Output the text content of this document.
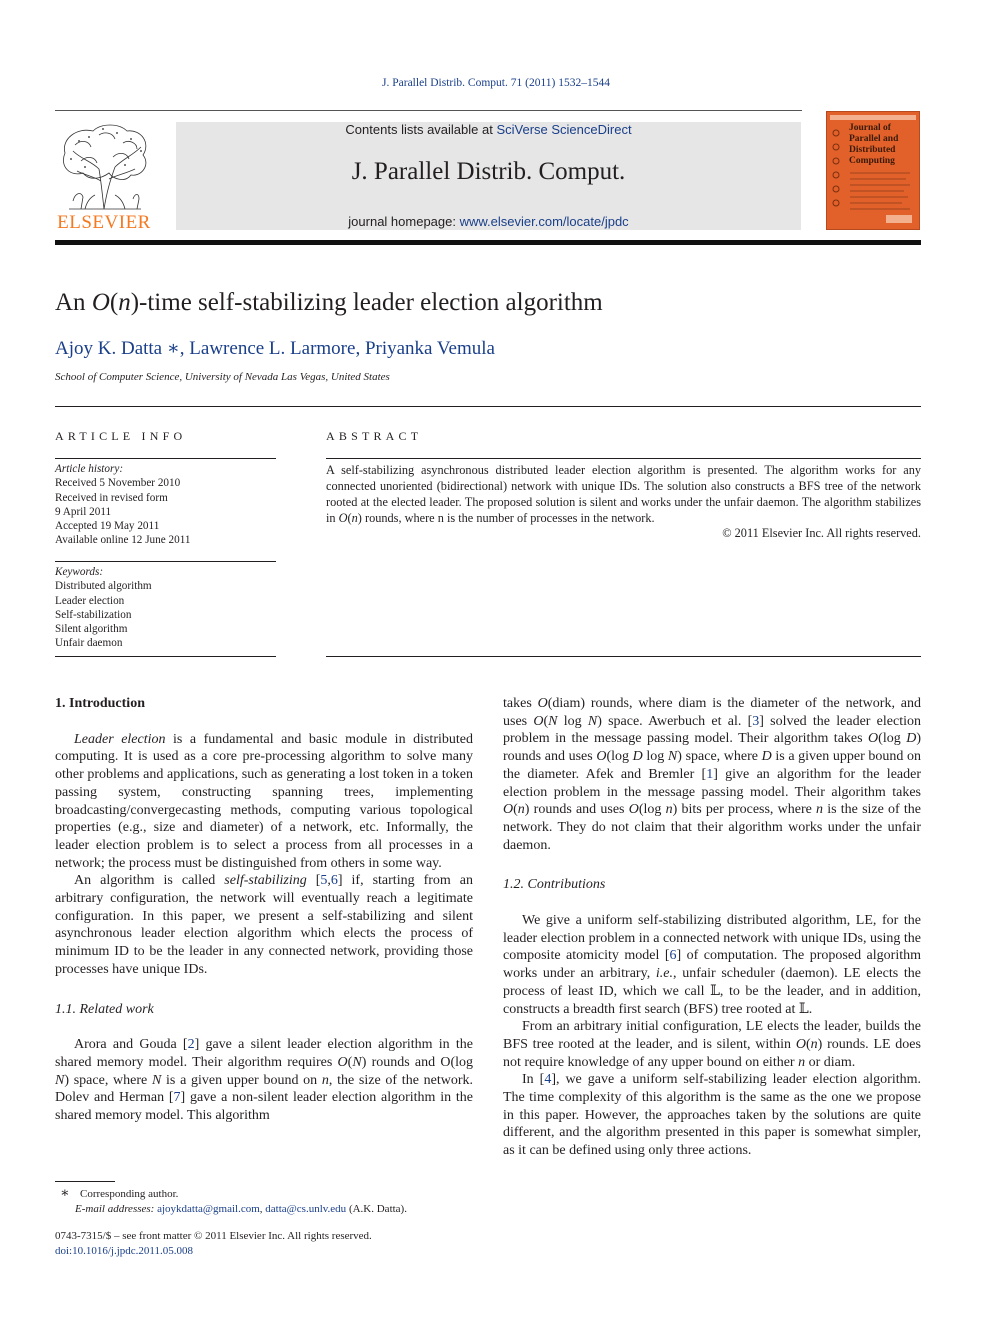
J. Parallel Distrib. Comput. 71 (2011) 1532–1544
ELSEVIER
Contents lists available at SciVerse ScienceDirect
J. Parallel Distrib. Comput.
journal homepage: www.elsevier.com/locate/jpdc
Journal of Parallel and Distributed Computing
An O(n)-time self-stabilizing leader election algorithm
Ajoy K. Datta ∗, Lawrence L. Larmore, Priyanka Vemula
School of Computer Science, University of Nevada Las Vegas, United States
ARTICLE INFO
Article history:
Received 5 November 2010
Received in revised form
9 April 2011
Accepted 19 May 2011
Available online 12 June 2011
Keywords:
Distributed algorithm
Leader election
Self-stabilization
Silent algorithm
Unfair daemon
ABSTRACT
A self-stabilizing asynchronous distributed leader election algorithm is presented. The algorithm works for any connected unoriented (bidirectional) network with unique IDs. The solution also constructs a BFS tree of the network rooted at the elected leader. The proposed solution is silent and works under the unfair daemon. The algorithm stabilizes in O(n) rounds, where n is the number of processes in the network.
© 2011 Elsevier Inc. All rights reserved.
1. Introduction

Leader election is a fundamental and basic module in distributed computing. It is used as a core pre-processing algorithm to solve many other problems and applications, such as generating a lost token in a token passing system, constructing spanning trees, implementing broadcasting/convergecasting methods, computing various topological properties (e.g., size and diameter) of a network, etc. Informally, the leader election problem is to select a process from all processes in a network; the process must be distinguished from others in some way.

An algorithm is called self-stabilizing [5,6] if, starting from an arbitrary configuration, the network will eventually reach a legitimate configuration. In this paper, we present a self-stabilizing and silent asynchronous leader election algorithm which elects the process of minimum ID to be the leader in any connected network, providing those processes have unique IDs.

1.1. Related work

Arora and Gouda [2] gave a silent leader election algorithm in the shared memory model. Their algorithm requires O(N) rounds and O(log N) space, where N is a given upper bound on n, the size of the network. Dolev and Herman [7] gave a non-silent leader election algorithm in the shared memory model. This algorithm

∗ Corresponding author.
E-mail addresses: ajoykdatta@gmail.com, datta@cs.unlv.edu (A.K. Datta).
0743-7315/$ – see front matter © 2011 Elsevier Inc. All rights reserved.
doi:10.1016/j.jpdc.2011.05.008

takes O(diam) rounds, where diam is the diameter of the network, and uses O(N log N) space. Awerbuch et al. [3] solved the leader election problem in the message passing model. Their algorithm takes O(log D) rounds and uses O(log D log N) space, where D is a given upper bound on the diameter. Afek and Bremler [1] give an algorithm for the leader election problem in the message passing model. Their algorithm takes O(n) rounds and uses O(log n) bits per process, where n is the size of the network. They do not claim that their algorithm works under the unfair daemon.

1.2. Contributions

We give a uniform self-stabilizing distributed algorithm, LE, for the leader election problem in a connected network with unique IDs, using the composite atomicity model [6] of computation. The proposed algorithm works under an arbitrary, i.e., unfair scheduler (daemon). LE elects the process of least ID, which we call 𝕃, to be the leader, and in addition, constructs a breadth first search (BFS) tree rooted at 𝕃.

From an arbitrary initial configuration, LE elects the leader, builds the BFS tree rooted at the leader, and is silent, within O(n) rounds. LE does not require knowledge of any upper bound on either n or diam.

In [4], we gave a uniform self-stabilizing leader election algorithm. The time complexity of this algorithm is the same as the one we propose in this paper. However, the approaches taken by the solutions are quite different, and the algorithm presented in this paper is somewhat simpler, as it can be defined using only three actions.
